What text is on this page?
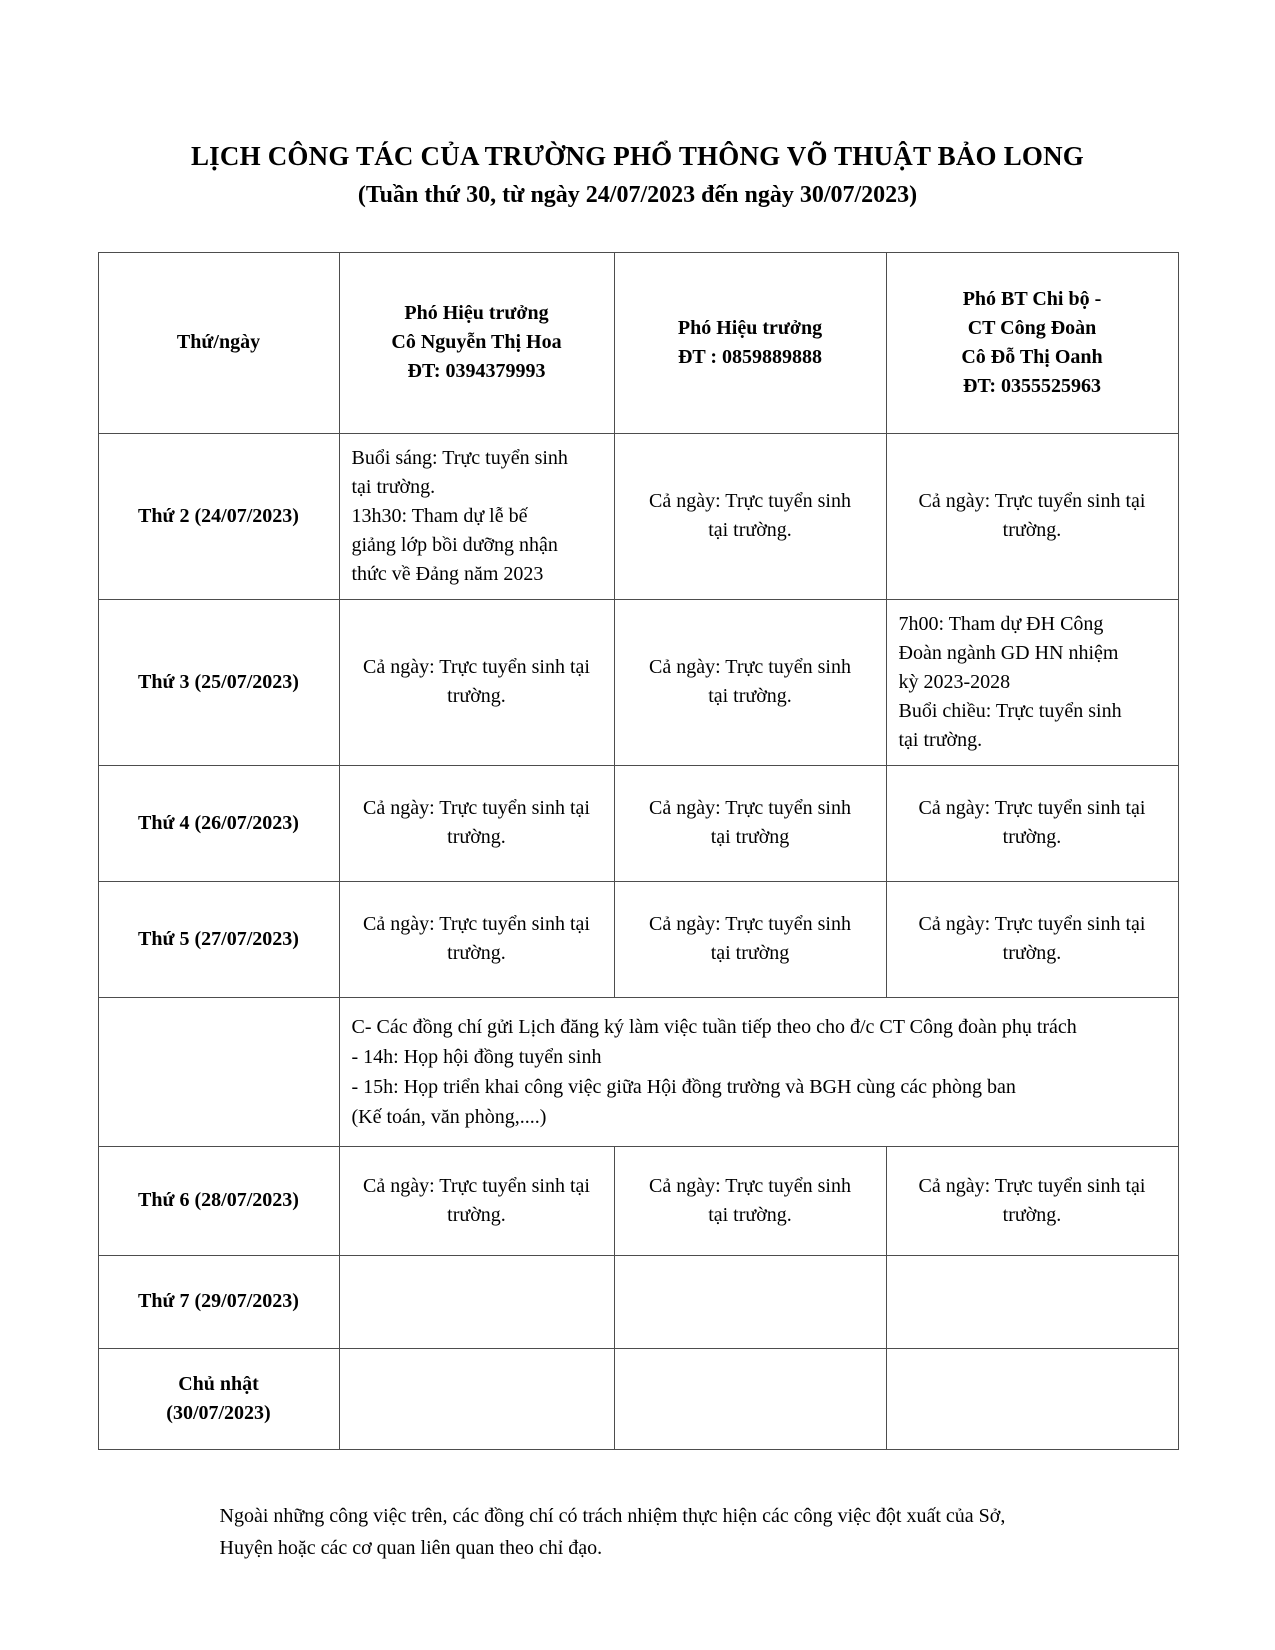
LỊCH CÔNG TÁC CỦA TRƯỜNG PHỔ THÔNG VÕ THUẬT BẢO LONG
(Tuần thứ 30, từ ngày 24/07/2023 đến ngày 30/07/2023)
Thứ/ngày	Phó Hiệu trưởng
Cô Nguyễn Thị Hoa
ĐT: 0394379993	Phó Hiệu trưởng
ĐT : 0859889888	Phó BT Chi bộ -
CT Công Đoàn
Cô Đỗ Thị Oanh
ĐT: 0355525963

Thứ 2 (24/07/2023)	Buổi sáng: Trực tuyển sinh
tại trường.
13h30: Tham dự lễ bế
giảng lớp bồi dưỡng nhận
thức về Đảng năm 2023	Cả ngày: Trực tuyển sinh
tại trường.	Cả ngày: Trực tuyển sinh tại
trường.

Thứ 3 (25/07/2023)	Cả ngày: Trực tuyển sinh tại
trường.	Cả ngày: Trực tuyển sinh
tại trường.	7h00: Tham dự ĐH Công
Đoàn ngành GD HN nhiệm
kỳ 2023-2028
Buổi chiều: Trực tuyển sinh
tại trường.

Thứ 4 (26/07/2023)	Cả ngày: Trực tuyển sinh tại
trường.	Cả ngày: Trực tuyển sinh
tại trường	Cả ngày: Trực tuyển sinh tại
trường.

Thứ 5 (27/07/2023)	Cả ngày: Trực tuyển sinh tại
trường.	Cả ngày: Trực tuyển sinh
tại trường	Cả ngày: Trực tuyển sinh tại
trường.

	C- Các đồng chí gửi Lịch đăng ký làm việc tuần tiếp theo cho đ/c CT Công đoàn phụ trách
- 14h: Họp hội đồng tuyển sinh
- 15h: Họp triển khai công việc giữa Hội đồng trường và BGH cùng các phòng ban
(Kế toán, văn phòng,....)		

Thứ 6 (28/07/2023)	Cả ngày: Trực tuyển sinh tại
trường.	Cả ngày: Trực tuyển sinh
tại trường.	Cả ngày: Trực tuyển sinh tại
trường.

Thứ 7 (29/07/2023)			

Chủ nhật
(30/07/2023)			

Ngoài những công việc trên, các đồng chí có trách nhiệm thực hiện các công việc đột xuất của Sở,
Huyện hoặc các cơ quan liên quan theo chỉ đạo.
